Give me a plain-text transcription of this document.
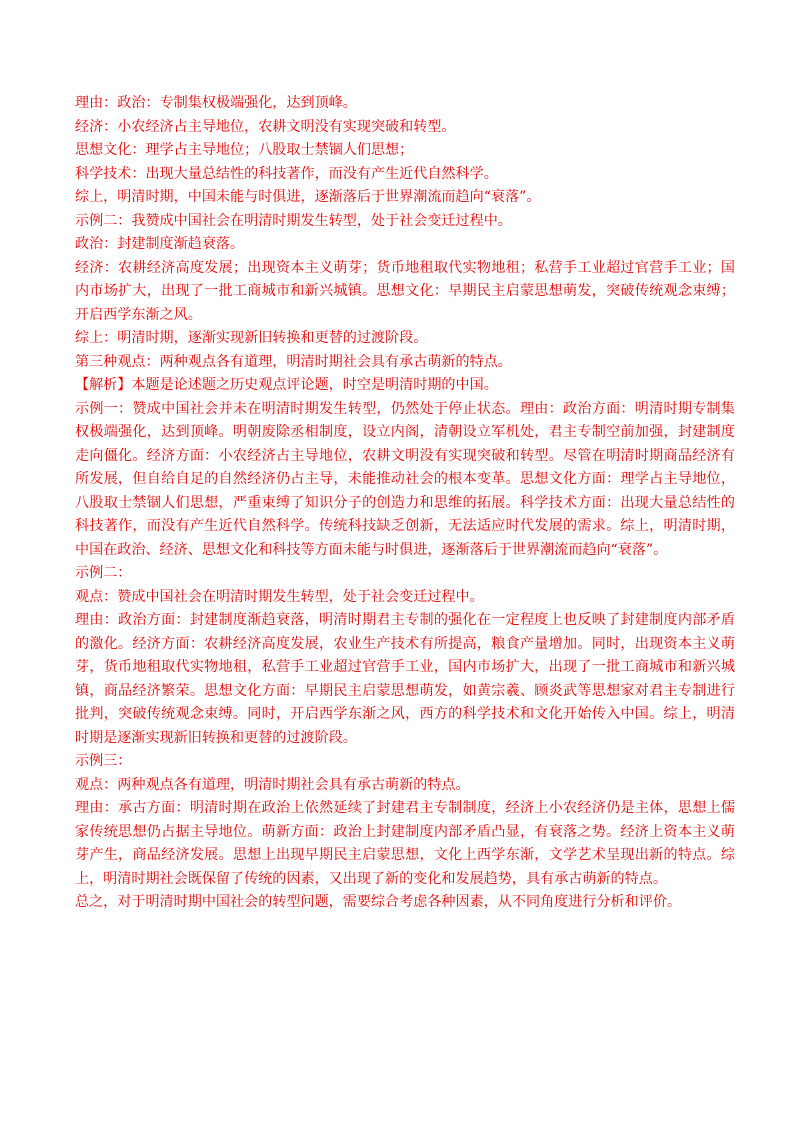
理由：政治：专制集权极端强化，达到顶峰。

经济：小农经济占主导地位，农耕文明没有实现突破和转型。

思想文化：理学占主导地位；八股取士禁锢人们思想；

科学技术：出现大量总结性的科技著作，而没有产生近代自然科学。

综上，明清时期，中国未能与时俱进，逐渐落后于世界潮流而趋向“衰落”。

示例二：我赞成中国社会在明清时期发生转型，处于社会变迁过程中。

政治：封建制度渐趋衰落。

经济：农耕经济高度发展；出现资本主义萌芽；货币地租取代实物地租；私营手工业超过官营手工业；国内市场扩大，出现了一批工商城市和新兴城镇。思想文化：早期民主启蒙思想萌发，突破传统观念束缚；开启西学东渐之风。

综上：明清时期，逐渐实现新旧转换和更替的过渡阶段。

第三种观点：两种观点各有道理，明清时期社会具有承古萌新的特点。

【解析】本题是论述题之历史观点评论题，时空是明清时期的中国。

示例一：赞成中国社会并未在明清时期发生转型，仍然处于停止状态。理由：政治方面：明清时期专制集权极端强化，达到顶峰。明朝废除丞相制度，设立内阁，清朝设立军机处，君主专制空前加强，封建制度走向僵化。经济方面：小农经济占主导地位，农耕文明没有实现突破和转型。尽管在明清时期商品经济有所发展，但自给自足的自然经济仍占主导，未能推动社会的根本变革。思想文化方面：理学占主导地位，八股取士禁锢人们思想，严重束缚了知识分子的创造力和思维的拓展。科学技术方面：出现大量总结性的科技著作，而没有产生近代自然科学。传统科技缺乏创新，无法适应时代发展的需求。综上，明清时期，中国在政治、经济、思想文化和科技等方面未能与时俱进，逐渐落后于世界潮流而趋向“衰落”。

示例二：

观点：赞成中国社会在明清时期发生转型，处于社会变迁过程中。

理由：政治方面：封建制度渐趋衰落，明清时期君主专制的强化在一定程度上也反映了封建制度内部矛盾的激化。经济方面：农耕经济高度发展，农业生产技术有所提高，粮食产量增加。同时，出现资本主义萌芽，货币地租取代实物地租，私营手工业超过官营手工业，国内市场扩大，出现了一批工商城市和新兴城镇，商品经济繁荣。思想文化方面：早期民主启蒙思想萌发，如黄宗羲、顾炎武等思想家对君主专制进行批判，突破传统观念束缚。同时，开启西学东渐之风，西方的科学技术和文化开始传入中国。综上，明清时期是逐渐实现新旧转换和更替的过渡阶段。

示例三：

观点：两种观点各有道理，明清时期社会具有承古萌新的特点。

理由：承古方面：明清时期在政治上依然延续了封建君主专制制度，经济上小农经济仍是主体，思想上儒家传统思想仍占据主导地位。萌新方面：政治上封建制度内部矛盾凸显，有衰落之势。经济上资本主义萌芽产生，商品经济发展。思想上出现早期民主启蒙思想，文化上西学东渐，文学艺术呈现出新的特点。综上，明清时期社会既保留了传统的因素，又出现了新的变化和发展趋势，具有承古萌新的特点。

总之，对于明清时期中国社会的转型问题，需要综合考虑各种因素，从不同角度进行分析和评价。
